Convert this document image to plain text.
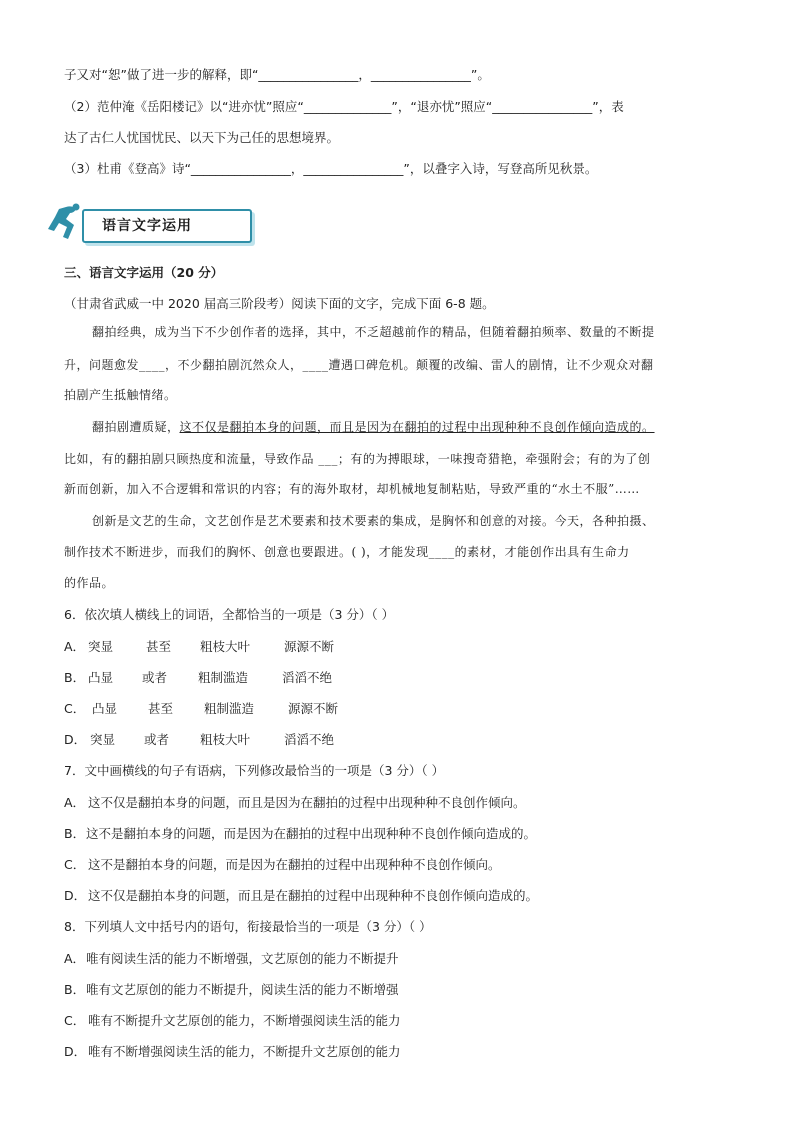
子又对“恕”做了进一步的解释，即“________________，________________”。
（2）范仲淹《岳阳楼记》以“进亦忧”照应“______________”，“退亦忧”照应“________________”，表
达了古仁人忧国忧民、以天下为己任的思想境界。
（3）杜甫《登高》诗“________________，________________”，以叠字入诗，写登高所见秋景。
语言文字运用
三、语言文字运用（20 分）
（甘肃省武威一中 2020 届高三阶段考）阅读下面的文字，完成下面 6-8 题。
翻拍经典，成为当下不少创作者的选择，其中，不乏超越前作的精品，但随着翻拍频率、数量的不断提
升，问题愈发____，不少翻拍剧沉然众人，____遭遇口碑危机。颠覆的改编、雷人的剧情，让不少观众对翻
拍剧产生抵触情绪。
翻拍剧遭质疑，这不仅是翻拍本身的问题，而且是因为在翻拍的过程中出现种种不良创作倾向造成的。
比如，有的翻拍剧只顾热度和流量，导致作品 ___；有的为搏眼球，一味搜奇猎艳，牵强附会；有的为了创
新而创新，加入不合逻辑和常识的内容；有的海外取材，却机械地复制粘贴，导致严重的“水土不服”……
创新是文艺的生命，文艺创作是艺术要素和技术要素的集成，是胸怀和创意的对接。今天，各种拍摄、
制作技术不断进步，而我们的胸怀、创意也要跟进。( )，才能发现____的素材，才能创作出具有生命力
的作品。
6．依次填人横线上的词语，全都恰当的一项是（3 分）（ ）
A． 突显	甚至 粗枝大叶	源源不断
B． 凸显 或者 粗制滥造	滔滔不绝
C． 凸显 甚至 粗制滥造	源源不断
D． 突显 或者 粗枝大叶	滔滔不绝
7．文中画横线的句子有语病，下列修改最恰当的一项是（3 分）（ ）
A． 这不仅是翻拍本身的问题，而且是因为在翻拍的过程中出现种种不良创作倾向。
B．这不是翻拍本身的问题，而是因为在翻拍的过程中出现种种不良创作倾向造成的。
C． 这不是翻拍本身的问题，而是因为在翻拍的过程中出现种种不良创作倾向。
D． 这不仅是翻拍本身的问题，而且是在翻拍的过程中出现种种不良创作倾向造成的。
8．下列填人文中括号内的语句，衔接最恰当的一项是（3 分）（ ）
A．唯有阅读生活的能力不断增强，文艺原创的能力不断提升
B．唯有文艺原创的能力不断提升，阅读生活的能力不断增强
C． 唯有不断提升文艺原创的能力，不断增强阅读生活的能力
D． 唯有不断增强阅读生活的能力，不断提升文艺原创的能力
